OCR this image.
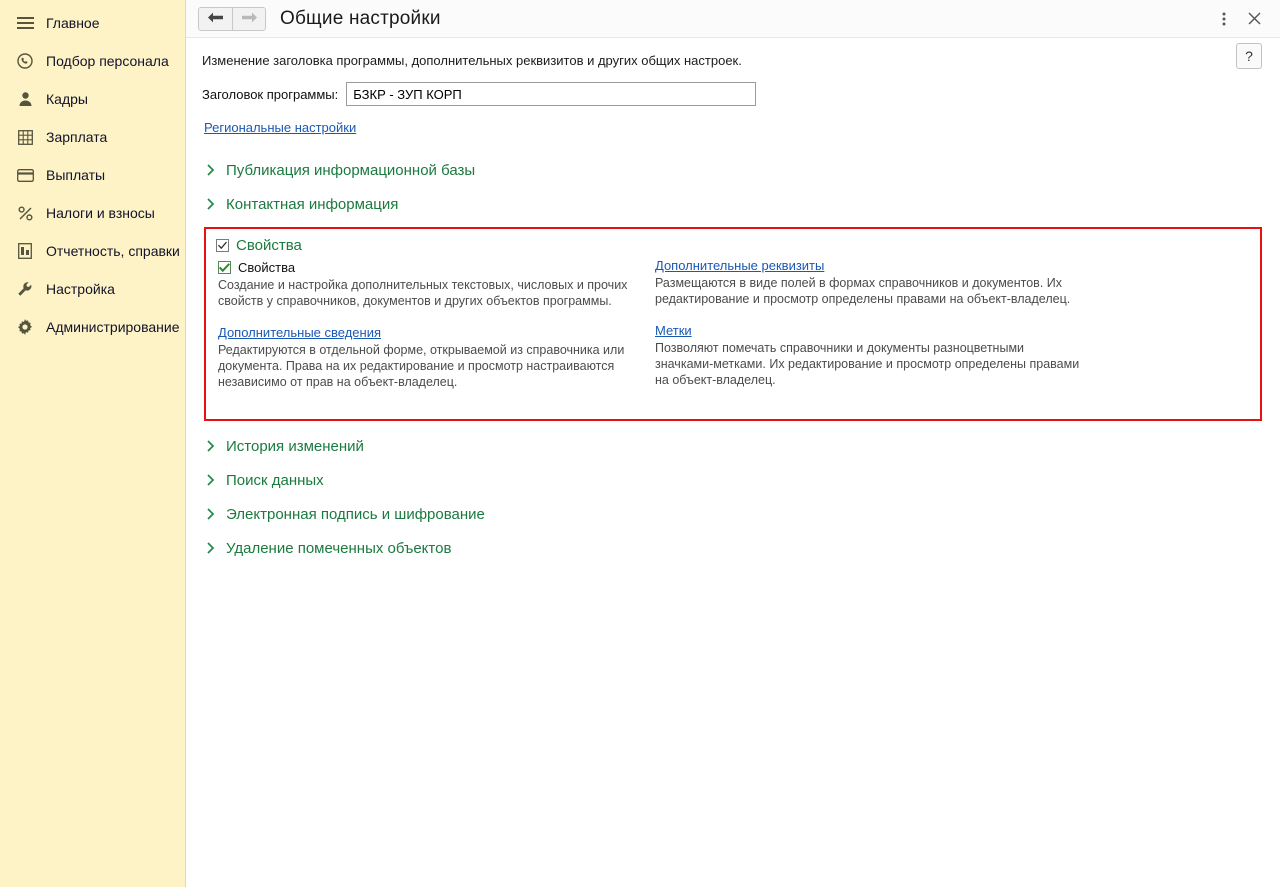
Главное
Подбор персонала
Кадры
Зарплата
Выплаты
Налоги и взносы
Отчетность, справки
Настройка
Администрирование
Общие настройки
?
Изменение заголовка программы, дополнительных реквизитов и других общих настроек.
Заголовок программы:
БЗКР - ЗУП КОРП
Региональные настройки
Публикация информационной базы
Контактная информация
Свойства
Свойства
Создание и настройка дополнительных текстовых, числовых и прочих свойств у справочников, документов и других объектов программы.
Дополнительные сведения
Редактируются в отдельной форме, открываемой из справочника или документа. Права на их редактирование и просмотр настраиваются независимо от прав на объект-владелец.
Дополнительные реквизиты
Размещаются в виде полей в формах справочников и документов. Их редактирование и просмотр определены правами на объект-владелец.
Метки
Позволяют помечать справочники и документы разноцветными значками-метками. Их редактирование и просмотр определены правами на объект-владелец.
История изменений
Поиск данных
Электронная подпись и шифрование
Удаление помеченных объектов
